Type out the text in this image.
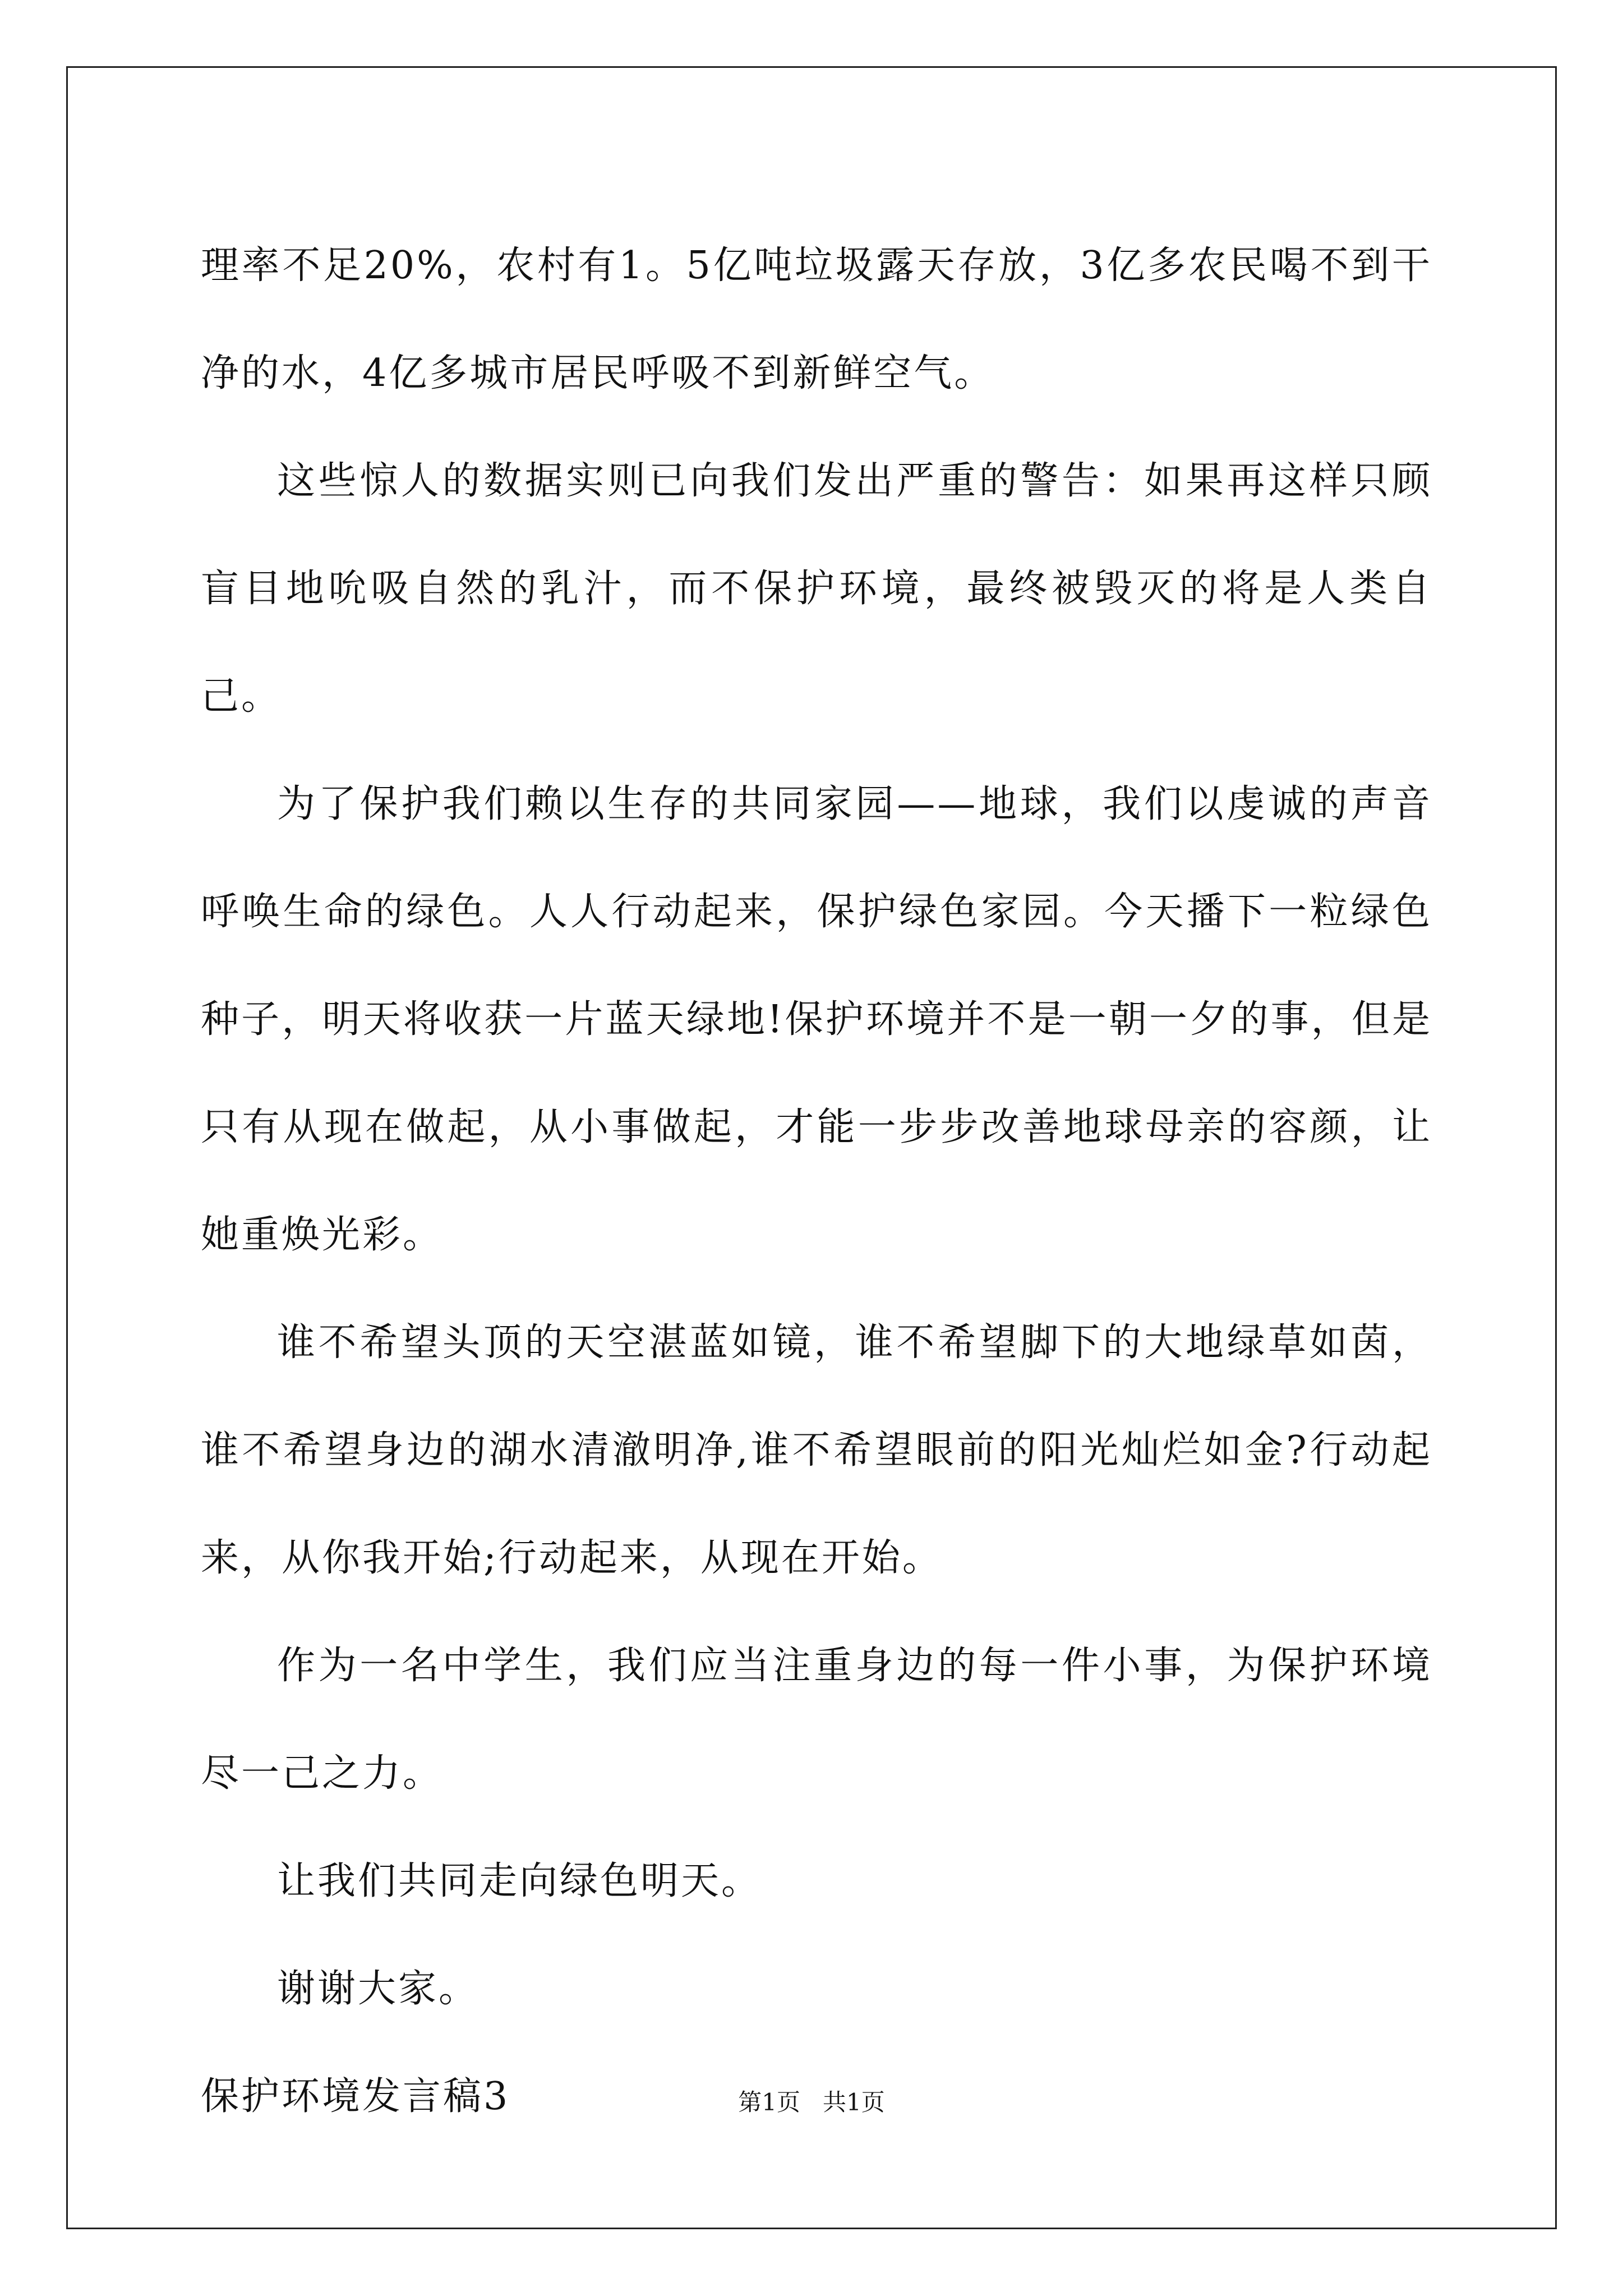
理率不足20%，农村有1。5亿吨垃圾露天存放，3亿多农民喝不到干净的水，4亿多城市居民呼吸不到新鲜空气。

这些惊人的数据实则已向我们发出严重的警告：如果再这样只顾盲目地吮吸自然的乳汁，而不保护环境，最终被毁灭的将是人类自己。

为了保护我们赖以生存的共同家园——地球，我们以虔诚的声音呼唤生命的绿色。人人行动起来，保护绿色家园。今天播下一粒绿色种子，明天将收获一片蓝天绿地!保护环境并不是一朝一夕的事，但是只有从现在做起，从小事做起，才能一步步改善地球母亲的容颜，让她重焕光彩。

谁不希望头顶的天空湛蓝如镜，谁不希望脚下的大地绿草如茵，谁不希望身边的湖水清澈明净,谁不希望眼前的阳光灿烂如金?行动起来，从你我开始;行动起来，从现在开始。

作为一名中学生，我们应当注重身边的每一件小事，为保护环境尽一己之力。

让我们共同走向绿色明天。

谢谢大家。

保护环境发言稿3	第1页 共1页
